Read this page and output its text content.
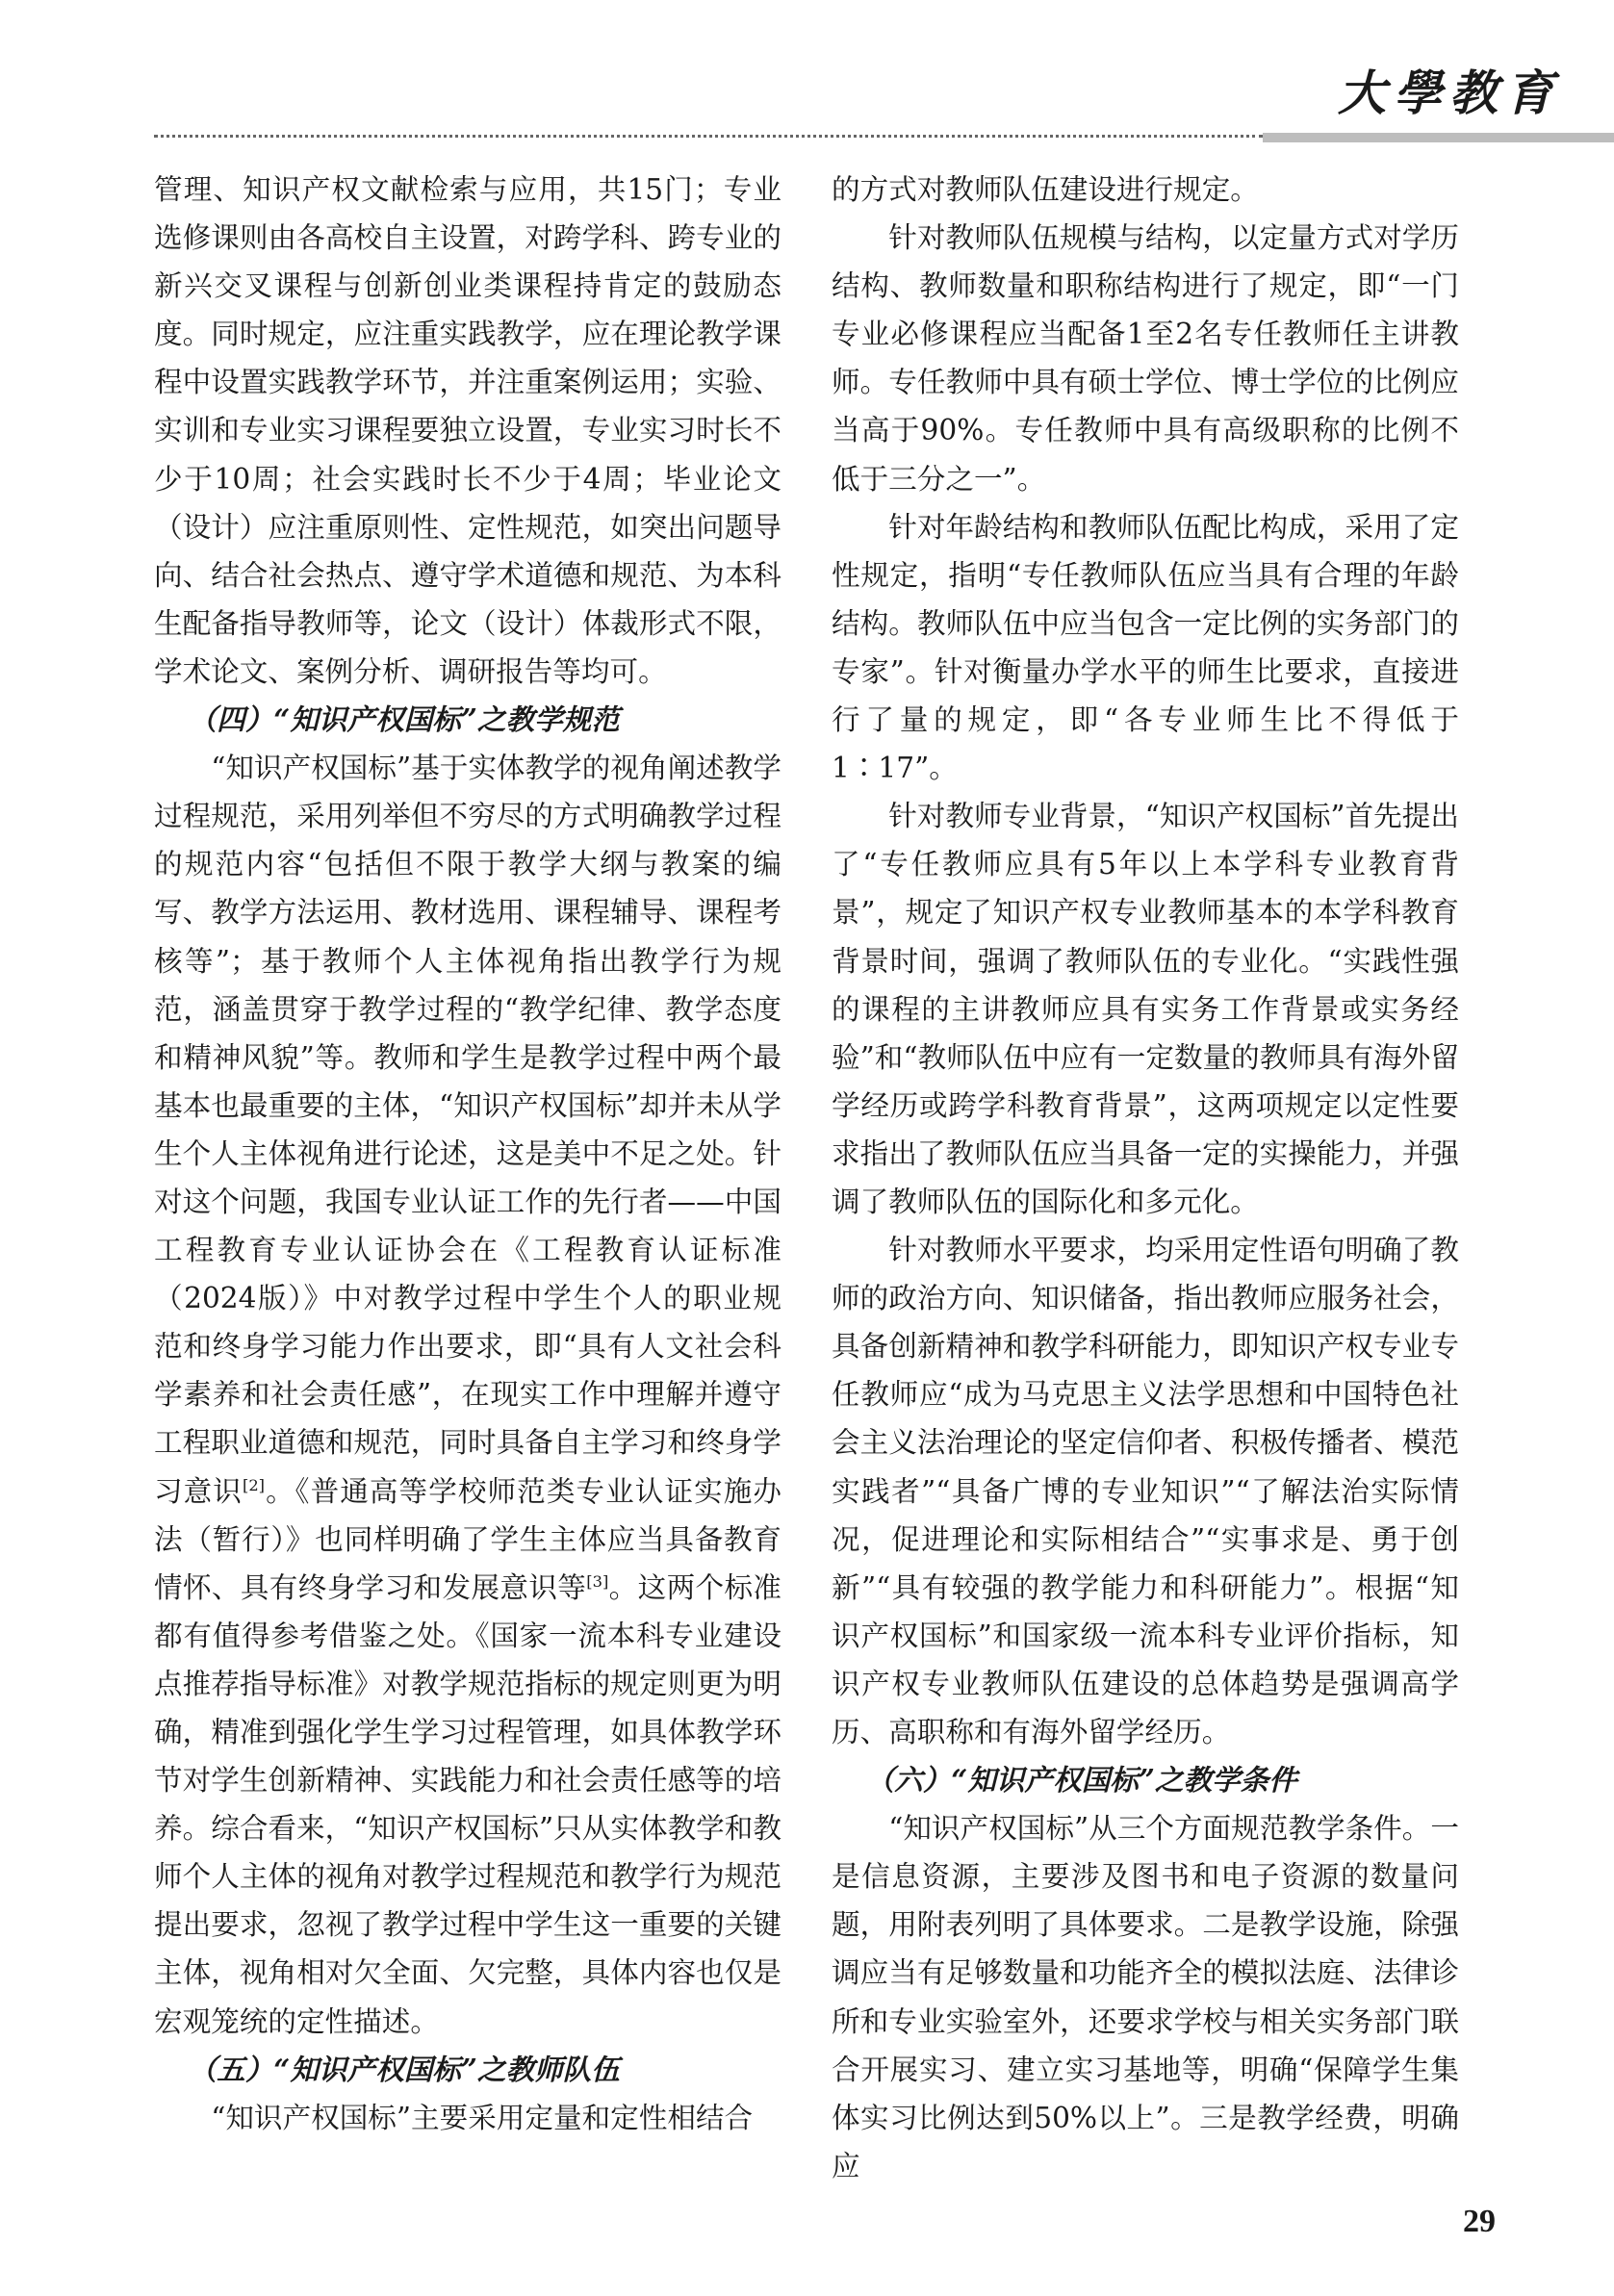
大學教育

管理、知识产权文献检索与应用，共15门；专业选修课则由各高校自主设置，对跨学科、跨专业的新兴交叉课程与创新创业类课程持肯定的鼓励态度。同时规定，应注重实践教学，应在理论教学课程中设置实践教学环节，并注重案例运用；实验、实训和专业实习课程要独立设置，专业实习时长不少于10周；社会实践时长不少于4周；毕业论文（设计）应注重原则性、定性规范，如突出问题导向、结合社会热点、遵守学术道德和规范、为本科生配备指导教师等，论文（设计）体裁形式不限，学术论文、案例分析、调研报告等均可。

（四）“知识产权国标”之教学规范

“知识产权国标”基于实体教学的视角阐述教学过程规范，采用列举但不穷尽的方式明确教学过程的规范内容“包括但不限于教学大纲与教案的编写、教学方法运用、教材选用、课程辅导、课程考核等”；基于教师个人主体视角指出教学行为规范，涵盖贯穿于教学过程的“教学纪律、教学态度和精神风貌”等。教师和学生是教学过程中两个最基本也最重要的主体，“知识产权国标”却并未从学生个人主体视角进行论述，这是美中不足之处。针对这个问题，我国专业认证工作的先行者——中国工程教育专业认证协会在《工程教育认证标准（2024版）》中对教学过程中学生个人的职业规范和终身学习能力作出要求，即“具有人文社会科学素养和社会责任感”，在现实工作中理解并遵守工程职业道德和规范，同时具备自主学习和终身学习意识[2]。《普通高等学校师范类专业认证实施办法（暂行）》也同样明确了学生主体应当具备教育情怀、具有终身学习和发展意识等[3]。这两个标准都有值得参考借鉴之处。《国家一流本科专业建设点推荐指导标准》对教学规范指标的规定则更为明确，精准到强化学生学习过程管理，如具体教学环节对学生创新精神、实践能力和社会责任感等的培养。综合看来，“知识产权国标”只从实体教学和教师个人主体的视角对教学过程规范和教学行为规范提出要求，忽视了教学过程中学生这一重要的关键主体，视角相对欠全面、欠完整，具体内容也仅是宏观笼统的定性描述。

（五）“知识产权国标”之教师队伍

“知识产权国标”主要采用定量和定性相结合

的方式对教师队伍建设进行规定。

针对教师队伍规模与结构，以定量方式对学历结构、教师数量和职称结构进行了规定，即“一门专业必修课程应当配备1至2名专任教师任主讲教师。专任教师中具有硕士学位、博士学位的比例应当高于90%。专任教师中具有高级职称的比例不低于三分之一”。

针对年龄结构和教师队伍配比构成，采用了定性规定，指明“专任教师队伍应当具有合理的年龄结构。教师队伍中应当包含一定比例的实务部门的专家”。针对衡量办学水平的师生比要求，直接进行了量的规定，即“各专业师生比不得低于1∶17”。

针对教师专业背景，“知识产权国标”首先提出了“专任教师应具有5年以上本学科专业教育背景”，规定了知识产权专业教师基本的本学科教育背景时间，强调了教师队伍的专业化。“实践性强的课程的主讲教师应具有实务工作背景或实务经验”和“教师队伍中应有一定数量的教师具有海外留学经历或跨学科教育背景”，这两项规定以定性要求指出了教师队伍应当具备一定的实操能力，并强调了教师队伍的国际化和多元化。

针对教师水平要求，均采用定性语句明确了教师的政治方向、知识储备，指出教师应服务社会，具备创新精神和教学科研能力，即知识产权专业专任教师应“成为马克思主义法学思想和中国特色社会主义法治理论的坚定信仰者、积极传播者、模范实践者”“具备广博的专业知识”“了解法治实际情况，促进理论和实际相结合”“实事求是、勇于创新”“具有较强的教学能力和科研能力”。根据“知识产权国标”和国家级一流本科专业评价指标，知识产权专业教师队伍建设的总体趋势是强调高学历、高职称和有海外留学经历。

（六）“知识产权国标”之教学条件

“知识产权国标”从三个方面规范教学条件。一是信息资源，主要涉及图书和电子资源的数量问题，用附表列明了具体要求。二是教学设施，除强调应当有足够数量和功能齐全的模拟法庭、法律诊所和专业实验室外，还要求学校与相关实务部门联合开展实习、建立实习基地等，明确“保障学生集体实习比例达到50%以上”。三是教学经费，明确应

29
